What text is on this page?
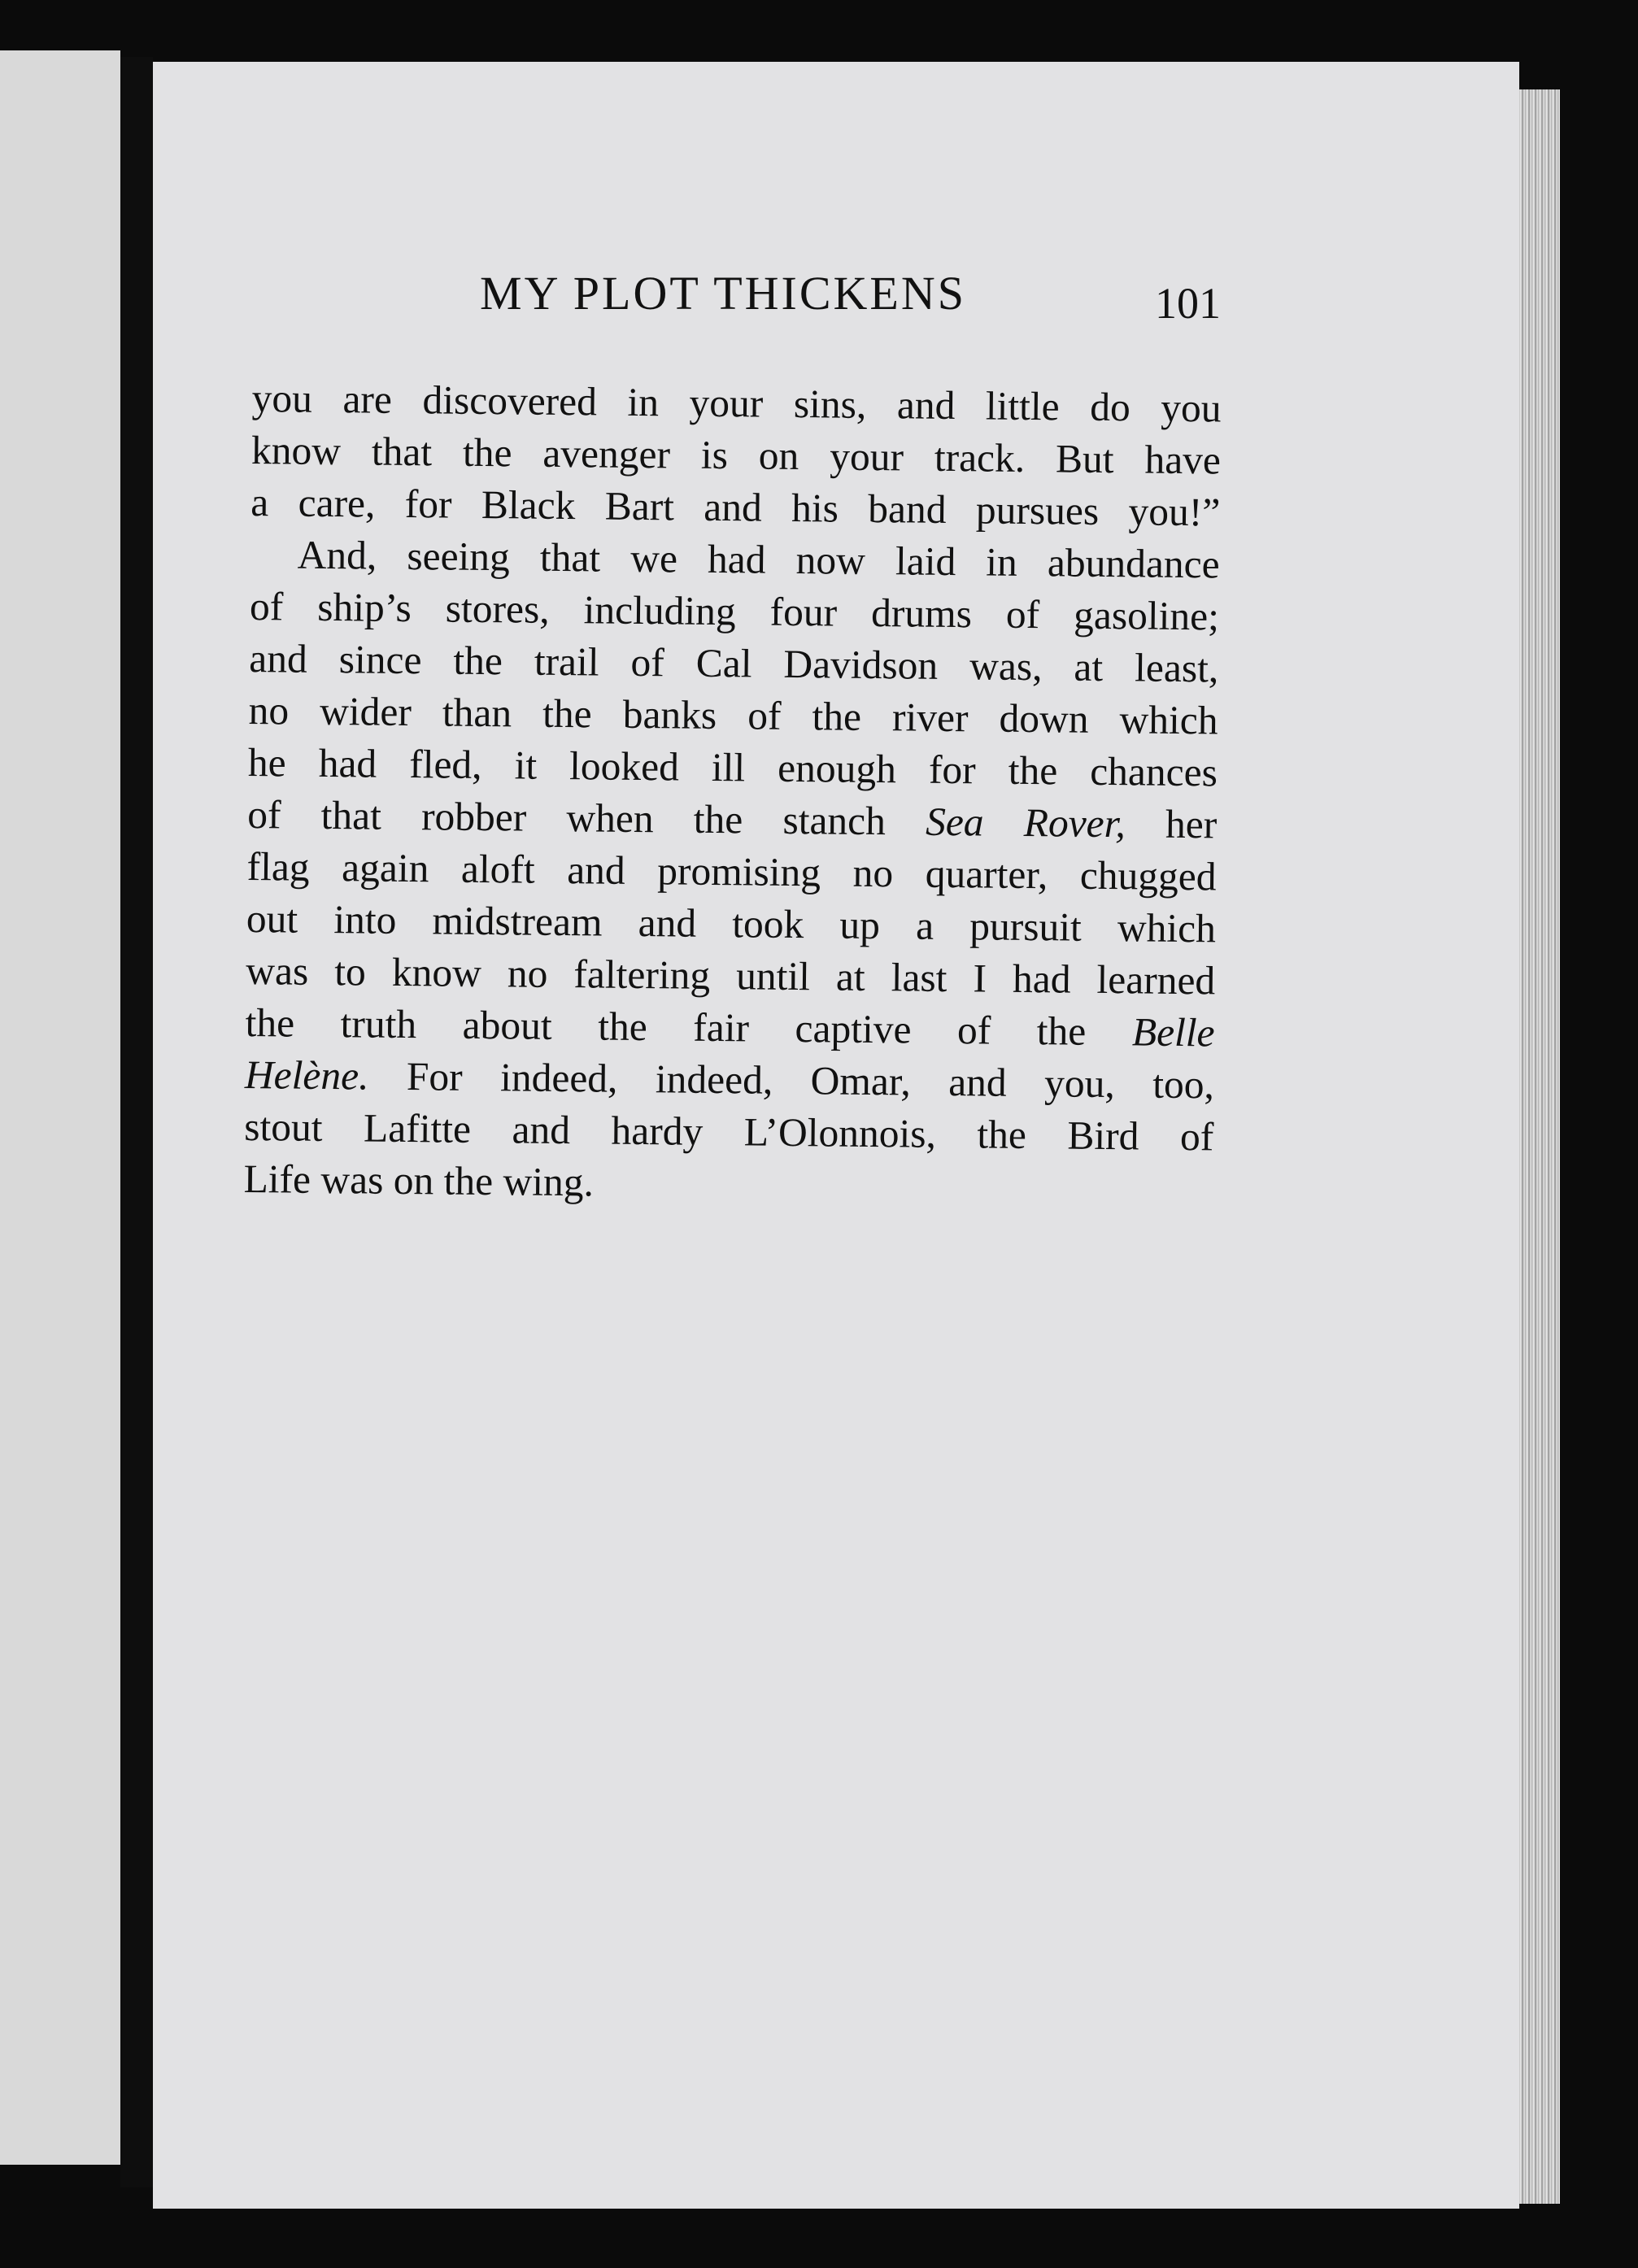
MY PLOT THICKENS	101
you are discovered in your sins, and little do you
know that the avenger is on your track. But have
a care, for Black Bart and his band pursues you!”
And, seeing that we had now laid in abundance
of ship’s stores, including four drums of gasoline;
and since the trail of Cal Davidson was, at least,
no wider than the banks of the river down which
he had fled, it looked ill enough for the chances
of that robber when the stanch Sea Rover, her
flag again aloft and promising no quarter, chugged
out into midstream and took up a pursuit which
was to know no faltering until at last I had learned
the truth about the fair captive of the Belle
Helène. For indeed, indeed, Omar, and you, too,
stout Lafitte and hardy L’Olonnois, the Bird of
Life was on the wing.
